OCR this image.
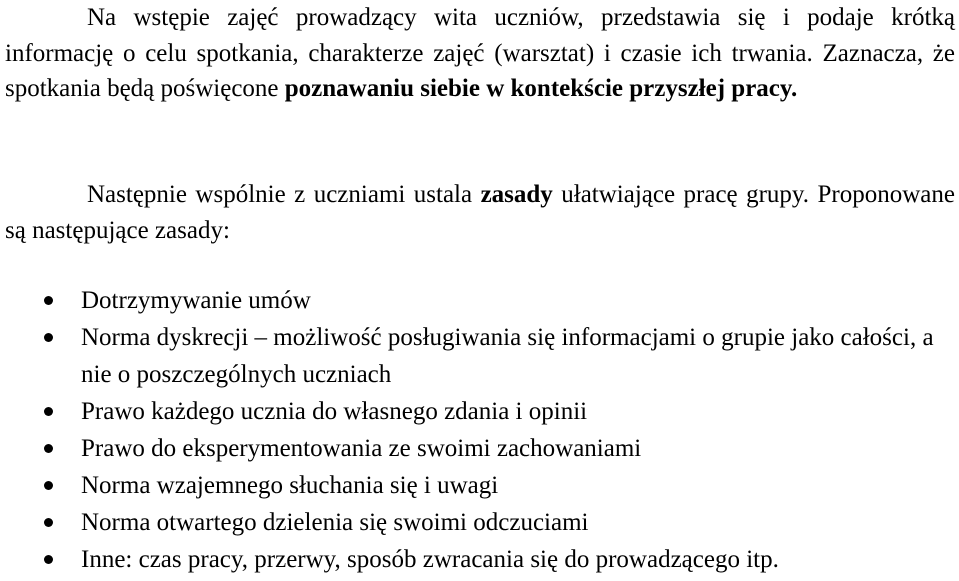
Na wstępie zajęć prowadzący wita uczniów, przedstawia się i podaje krótką informację o celu spotkania, charakterze zajęć (warsztat) i czasie ich trwania. Zaznacza, że spotkania będą poświęcone poznawaniu siebie w kontekście przyszłej pracy.

Następnie wspólnie z uczniami ustala zasady ułatwiające pracę grupy. Proponowane są następujące zasady:

Dotrzymywanie umów
Norma dyskrecji – możliwość posługiwania się informacjami o grupie jako całości, a nie o poszczególnych uczniach
Prawo każdego ucznia do własnego zdania i opinii
Prawo do eksperymentowania ze swoimi zachowaniami
Norma wzajemnego słuchania się i uwagi
Norma otwartego dzielenia się swoimi odczuciami
Inne: czas pracy, przerwy, sposób zwracania się do prowadzącego itp.
